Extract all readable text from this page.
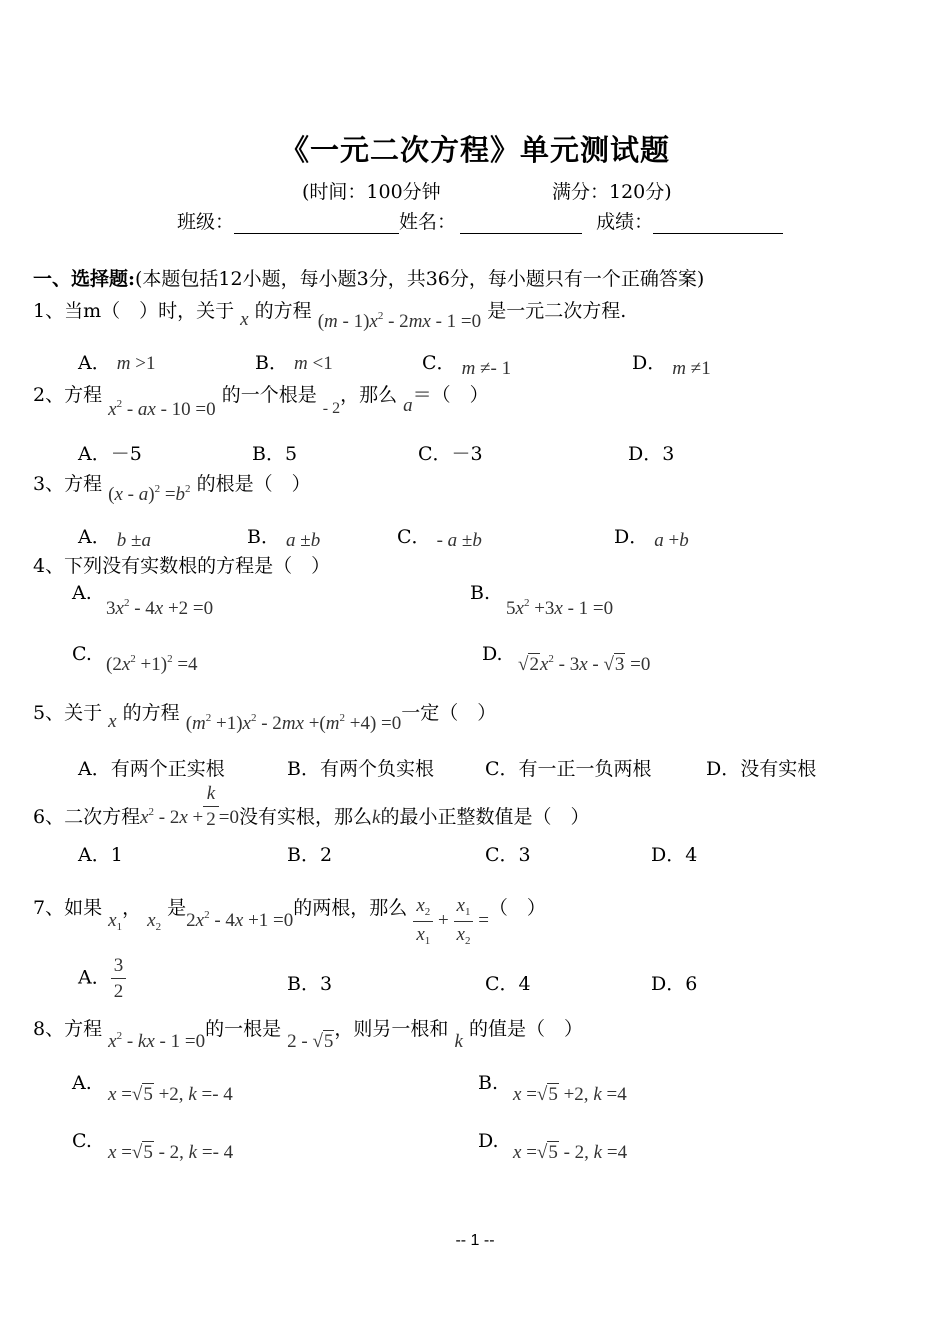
《一元二次方程》单元测试题
(时间：100分钟	满分：120分)
班级：	姓名：	成绩：
一、选择题:(本题包括12小题，每小题3分，共36分，每小题只有一个正确答案)
1、当m（　）时，关于 x 的方程 $(m - 1)x^2 - 2mx - 1 =0$ 是一元二次方程.
A． m >1	B． m <1	C． m ≠- 1	D． m ≠1
2、方程 $x^2$ - ax - 10 =0 的一个根是 $_{- 2}$，那么 a＝（　）
A．－5	B．5	C．－3	D．3
3、方程 $(x - a)^2 =b^2$ 的根是（　）
A． b ±a	B． a ±b	C． - a ±b	D． a +b
4、下列没有实数根的方程是（　）
A.
$3x^2 - 4x +2 =0$
B.
$5x^2 +3x - 1 =0$
C. $(2x^2 +1)^2 =4$	D. $√2x^2 - 3x - √3 =0$
5、关于 x 的方程 $(m^2 +1)x^2 - 2mx +(m^2 +4) =0$一定（　）
A．有两个正实根	B．有两个负实根	C．有一正一负两根	D．没有实根
6、二次方程$x^2 - 2x + \frac{k}{2} =0$没有实根，那么k的最小正整数值是（　）
A．1	B．2	C．3	D．4
7、如果 $x_1$， $x_2$ 是$2x^2 - 4x +1 =0$的两根，那么 $\frac{x_2}{x_1} + \frac{x_1}{x_2}$ =（　）
A． $\frac{3}{2}$	B．3	C．4	D．6
8、方程 $x^2$ - kx - 1 =0的一根是 2 - √5，则另一根和 k 的值是（　）
A.
x =√5 +2, k =- 4
B.
x =√5 +2, k =4
C.
x =√5 - 2, k =- 4
D.
x =√5 - 2, k =4
-- 1 --
